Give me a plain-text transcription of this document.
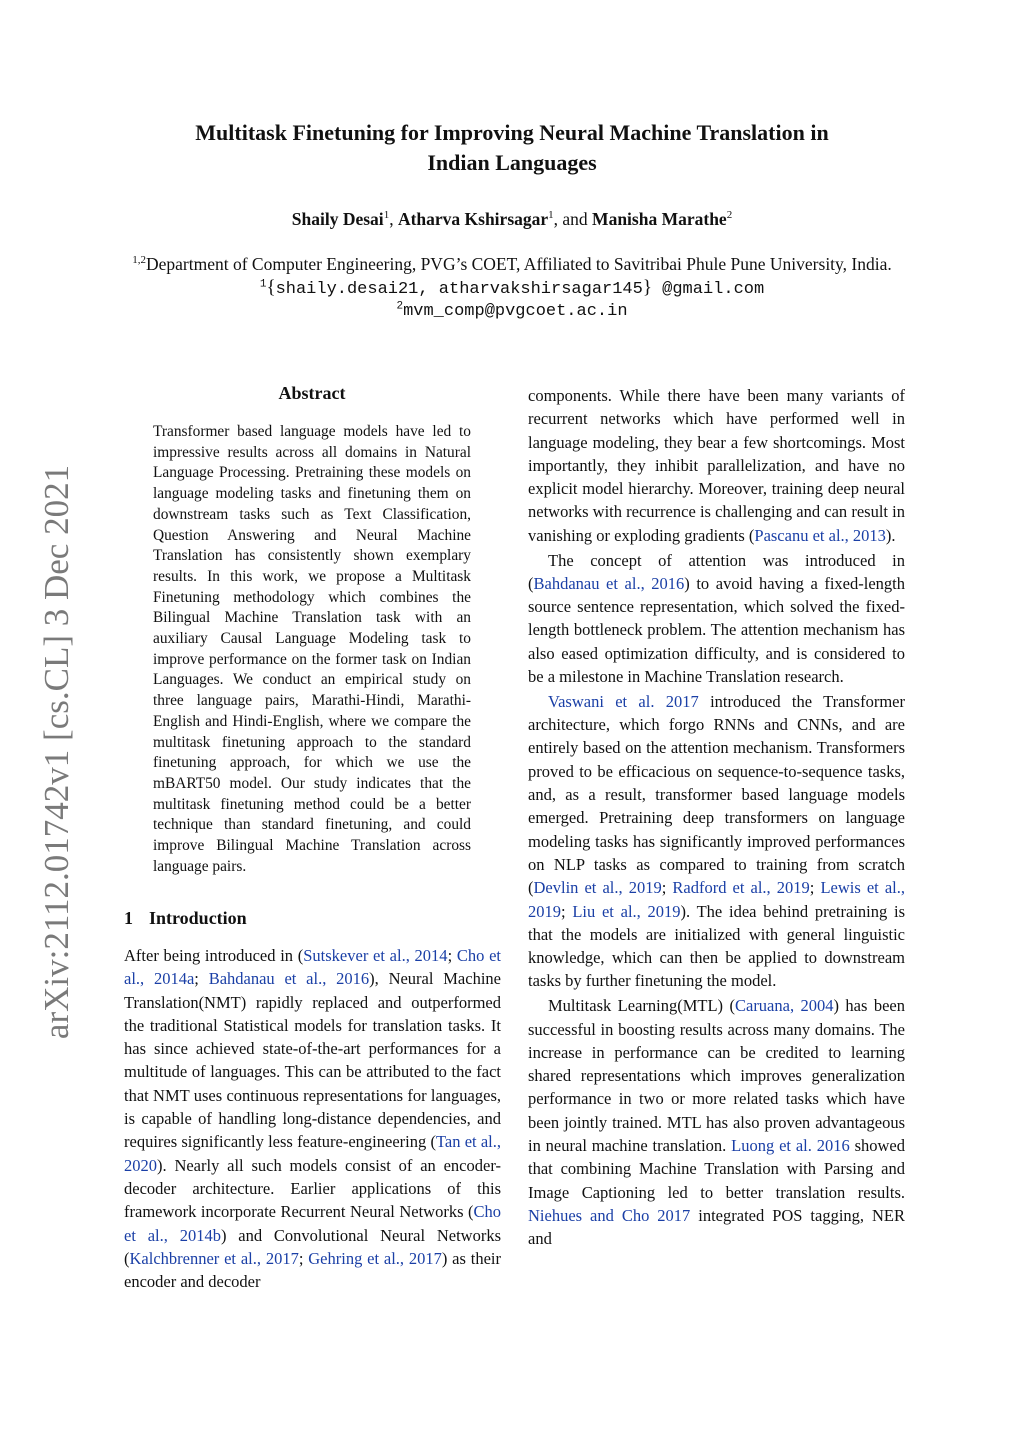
Multitask Finetuning for Improving Neural Machine Translation in
Indian Languages
Shaily Desai$^1$, Atharva Kshirsagar$^1$, and Manisha Marathe$^2$
$^{1,2}$Department of Computer Engineering, PVG’s COET, Affiliated to Savitribai Phule Pune University, India.
$^1${shaily.desai21, atharvakshirsagar145} @gmail.com
$^2$mvm_comp@pvgcoet.ac.in
arXiv:2112.01742v1 [cs.CL] 3 Dec 2021
Abstract
Transformer based language models have led to impressive results across all domains in Natural Language Processing. Pretraining these models on language modeling tasks and finetuning them on downstream tasks such as Text Classification, Question Answering and Neural Machine Translation has consistently shown exemplary results. In this work, we propose a Multitask Finetuning methodology which combines the Bilingual Machine Translation task with an auxiliary Causal Language Modeling task to improve performance on the former task on Indian Languages. We conduct an empirical study on three language pairs, Marathi-Hindi, Marathi-English and Hindi-English, where we compare the multitask finetuning approach to the standard finetuning approach, for which we use the mBART50 model. Our study indicates that the multitask finetuning method could be a better technique than standard finetuning, and could improve Bilingual Machine Translation across language pairs.
1 Introduction

After being introduced in (Sutskever et al., 2014; Cho et al., 2014a; Bahdanau et al., 2016), Neural Machine Translation(NMT) rapidly replaced and outperformed the traditional Statistical models for translation tasks. It has since achieved state-of-the-art performances for a multitude of languages. This can be attributed to the fact that NMT uses continuous representations for languages, is capable of handling long-distance dependencies, and requires significantly less feature-engineering (Tan et al., 2020). Nearly all such models consist of an encoder-decoder architecture. Earlier applications of this framework incorporate Recurrent Neural Networks (Cho et al., 2014b) and Convolutional Neural Networks (Kalchbrenner et al., 2017; Gehring et al., 2017) as their encoder and decoder

components. While there have been many variants of recurrent networks which have performed well in language modeling, they bear a few shortcomings. Most importantly, they inhibit parallelization, and have no explicit model hierarchy. Moreover, training deep neural networks with recurrence is challenging and can result in vanishing or exploding gradients (Pascanu et al., 2013).

The concept of attention was introduced in (Bahdanau et al., 2016) to avoid having a fixed-length source sentence representation, which solved the fixed-length bottleneck problem. The attention mechanism has also eased optimization difficulty, and is considered to be a milestone in Machine Translation research.

Vaswani et al. 2017 introduced the Transformer architecture, which forgo RNNs and CNNs, and are entirely based on the attention mechanism. Transformers proved to be efficacious on sequence-to-sequence tasks, and, as a result, transformer based language models emerged. Pretraining deep transformers on language modeling tasks has significantly improved performances on NLP tasks as compared to training from scratch (Devlin et al., 2019; Radford et al., 2019; Lewis et al., 2019; Liu et al., 2019). The idea behind pretraining is that the models are initialized with general linguistic knowledge, which can then be applied to downstream tasks by further finetuning the model.

Multitask Learning(MTL) (Caruana, 2004) has been successful in boosting results across many domains. The increase in performance can be credited to learning shared representations which improves generalization performance in two or more related tasks which have been jointly trained. MTL has also proven advantageous in neural machine translation. Luong et al. 2016 showed that combining Machine Translation with Parsing and Image Captioning led to better translation results. Niehues and Cho 2017 integrated POS tagging, NER and
